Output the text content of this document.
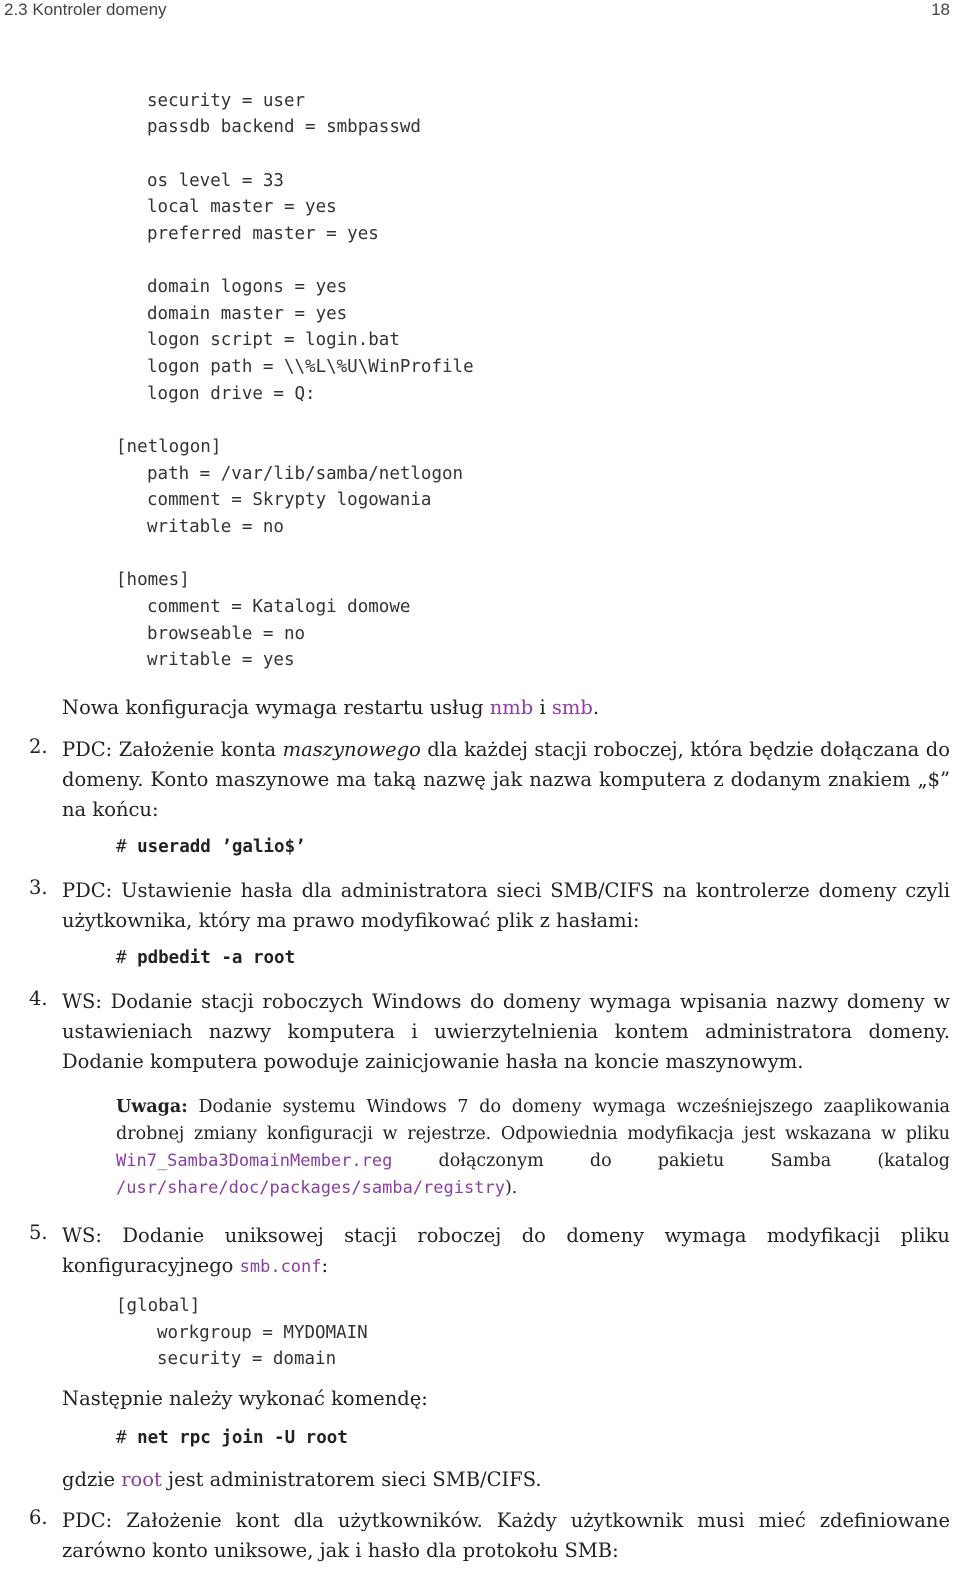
2.3 Kontroler domeny	18
security = user
passdb backend = smbpasswd
os level = 33
local master = yes
preferred master = yes
domain logons = yes
domain master = yes
logon script = login.bat
logon path = \\%L\%U\WinProfile
logon drive = Q:
[netlogon]
path = /var/lib/samba/netlogon
comment = Skrypty logowania
writable = no
[homes]
comment = Katalogi domowe
browseable = no
writable = yes
Nowa konfiguracja wymaga restartu usług nmb i smb.
2. PDC: Założenie konta maszynowego dla każdej stacji roboczej, która będzie dołączana do domeny. Konto maszynowe ma taką nazwę jak nazwa komputera z dodanym znakiem „$” na końcu:
# useradd ’galio$’
3. PDC: Ustawienie hasła dla administratora sieci SMB/CIFS na kontrolerze domeny czyli użytkownika, który ma prawo modyfikować plik z hasłami:
# pdbedit -a root
4. WS: Dodanie stacji roboczych Windows do domeny wymaga wpisania nazwy domeny w ustawieniach nazwy komputera i uwierzytelnienia kontem administratora domeny. Dodanie komputera powoduje zainicjowanie hasła na koncie maszynowym.
Uwaga: Dodanie systemu Windows 7 do domeny wymaga wcześniejszego zaaplikowania drobnej zmiany konfiguracji w rejestrze. Odpowiednia modyfikacja jest wskazana w pliku Win7_Samba3DomainMember.reg dołączonym do pakietu Samba (katalog /usr/share/doc/packages/samba/registry).
5. WS: Dodanie uniksowej stacji roboczej do domeny wymaga modyfikacji pliku konfiguracyjnego smb.conf:
[global]
workgroup = MYDOMAIN
security = domain
Następnie należy wykonać komendę:
# net rpc join -U root
gdzie root jest administratorem sieci SMB/CIFS.
6. PDC: Założenie kont dla użytkowników. Każdy użytkownik musi mieć zdefiniowane zarówno konto uniksowe, jak i hasło dla protokołu SMB:
